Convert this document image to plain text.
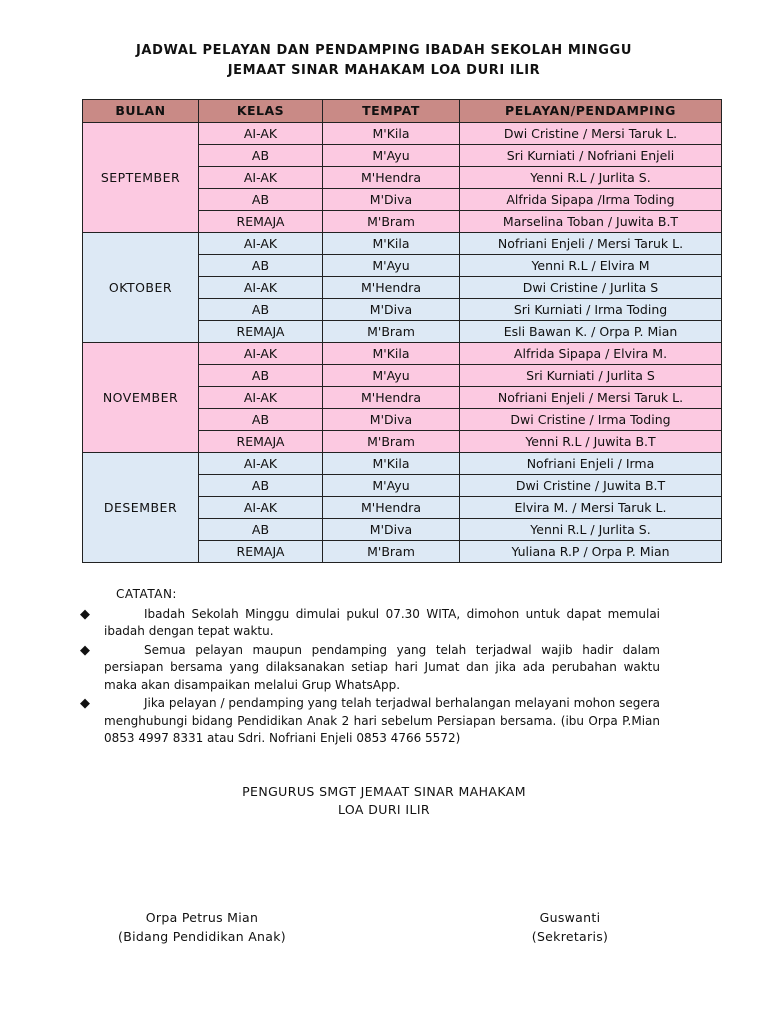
JADWAL PELAYAN DAN PENDAMPING IBADAH SEKOLAH MINGGU
JEMAAT SINAR MAHAKAM LOA DURI ILIR
BULAN	KELAS	TEMPAT	PELAYAN/PENDAMPING
SEPTEMBER	AI-AK	M'Kila	Dwi Cristine / Mersi Taruk L.
	AB	M'Ayu	Sri Kurniati / Nofriani Enjeli
	AI-AK	M'Hendra	Yenni R.L / Jurlita S.
	AB	M'Diva	Alfrida Sipapa /Irma Toding
	REMAJA	M'Bram	Marselina Toban / Juwita B.T
OKTOBER	AI-AK	M'Kila	Nofriani Enjeli / Mersi Taruk L.
	AB	M'Ayu	Yenni R.L / Elvira M
	AI-AK	M'Hendra	Dwi Cristine / Jurlita S
	AB	M'Diva	Sri Kurniati / Irma Toding
	REMAJA	M'Bram	Esli Bawan K. / Orpa P. Mian
NOVEMBER	AI-AK	M'Kila	Alfrida Sipapa / Elvira M.
	AB	M'Ayu	Sri Kurniati / Jurlita S
	AI-AK	M'Hendra	Nofriani Enjeli / Mersi Taruk L.
	AB	M'Diva	Dwi Cristine / Irma Toding
	REMAJA	M'Bram	Yenni R.L / Juwita B.T
DESEMBER	AI-AK	M'Kila	Nofriani Enjeli / Irma
	AB	M'Ayu	Dwi Cristine / Juwita B.T
	AI-AK	M'Hendra	Elvira M. / Mersi Taruk L.
	AB	M'Diva	Yenni R.L / Jurlita S.
	REMAJA	M'Bram	Yuliana R.P / Orpa P. Mian
CATATAN:
◆	Ibadah Sekolah Minggu dimulai pukul 07.30 WITA, dimohon untuk dapat memulai ibadah dengan tepat waktu.
◆	Semua pelayan maupun pendamping yang telah terjadwal wajib hadir dalam persiapan bersama yang dilaksanakan setiap hari Jumat dan jika ada perubahan waktu maka akan disampaikan melalui Grup WhatsApp.
◆	Jika pelayan / pendamping yang telah terjadwal berhalangan melayani mohon segera menghubungi bidang Pendidikan Anak 2 hari sebelum Persiapan bersama. (ibu Orpa P.Mian 0853 4997 8331 atau Sdri. Nofriani Enjeli 0853 4766 5572)
PENGURUS SMGT JEMAAT SINAR MAHAKAM
LOA DURI ILIR
Orpa Petrus Mian
(Bidang Pendidikan Anak)
Guswanti
(Sekretaris)
